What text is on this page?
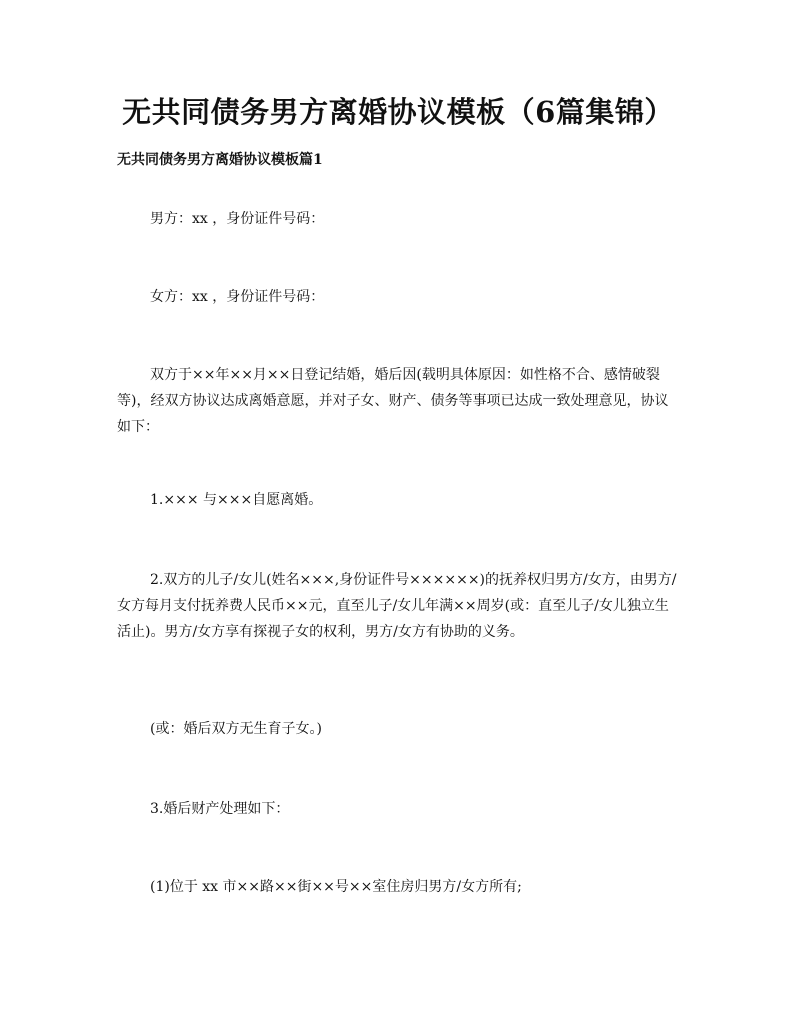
无共同债务男方离婚协议模板（6篇集锦）
无共同债务男方离婚协议模板篇1

男方：xx ，身份证件号码：

女方：xx ，身份证件号码：

双方于××年××月××日登记结婚，婚后因(载明具体原因：如性格不合、感情破裂等)，经双方协议达成离婚意愿，并对子女、财产、债务等事项已达成一致处理意见，协议如下：

1.××× 与×××自愿离婚。

2.双方的儿子/女儿(姓名×××,身份证件号××××××)的抚养权归男方/女方，由男方/女方每月支付抚养费人民币××元，直至儿子/女儿年满××周岁(或：直至儿子/女儿独立生活止)。男方/女方享有探视子女的权利，男方/女方有协助的义务。

(或：婚后双方无生育子女。)

3.婚后财产处理如下：

(1)位于 xx 市××路××街××号××室住房归男方/女方所有;
